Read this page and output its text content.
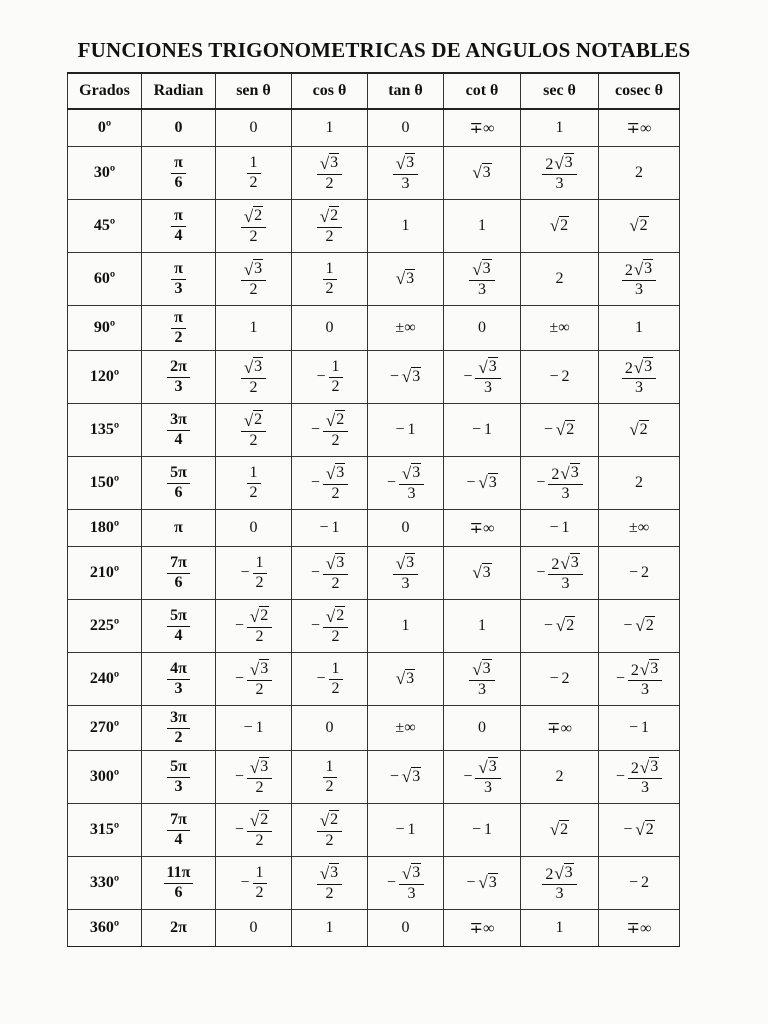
FUNCIONES TRIGONOMETRICAS DE ANGULOS NOTABLES
Grados	Radian	sen θ	cos θ	tan θ	cot θ	sec θ	cosec θ
0º	0	0	1	0	∓∞	1	∓∞

30º	$\frac{\pi}{6}$	$\frac{1}{2}$	$\frac{√ 3}{2}$	$\frac{√ 3}{3}$	√ 3	$\frac{2 √ 3}{3}$	2

45º	$\frac{\pi}{4}$	$\frac{√ 2}{2}$	$\frac{√ 2}{2}$	1	1	√ 2	√ 2

60º	$\frac{\pi}{3}$	$\frac{√ 3}{2}$	$\frac{1}{2}$	√ 3	$\frac{√ 3}{3}$	2	$\frac{2 √ 3}{3}$

90º	$\frac{\pi}{2}$	1	0	±∞	0	±∞	1

120º	$\frac{2\pi}{3}$	$\frac{√ 3}{2}$	− $\frac{1}{2}$	− √ 3	− $\frac{√ 3}{3}$	− 2	$\frac{2 √ 3}{3}$

135º	$\frac{3\pi}{4}$	$\frac{√ 2}{2}$	− $\frac{√ 2}{2}$	− 1	− 1	− √ 2	√ 2

150º	$\frac{5\pi}{6}$	$\frac{1}{2}$	− $\frac{√ 3}{2}$	− $\frac{√ 3}{3}$	− √ 3	− $\frac{2 √ 3}{3}$	2

180º	π	0	− 1	0	∓∞	− 1	±∞

210º	$\frac{7\pi}{6}$	− $\frac{1}{2}$	− $\frac{√ 3}{2}$	$\frac{√ 3}{3}$	√ 3	− $\frac{2 √ 3}{3}$	− 2

225º	$\frac{5\pi}{4}$	− $\frac{√ 2}{2}$	− $\frac{√ 2}{2}$	1	1	− √ 2	− √ 2

240º	$\frac{4\pi}{3}$	− $\frac{√ 3}{2}$	− $\frac{1}{2}$	√ 3	$\frac{√ 3}{3}$	− 2	− $\frac{2 √ 3}{3}$

270º	$\frac{3\pi}{2}$	− 1	0	±∞	0	∓∞	− 1

300º	$\frac{5\pi}{3}$	− $\frac{√ 3}{2}$	$\frac{1}{2}$	− √ 3	− $\frac{√ 3}{3}$	2	− $\frac{2 √ 3}{3}$

315º	$\frac{7\pi}{4}$	− $\frac{√ 2}{2}$	$\frac{√ 2}{2}$	− 1	− 1	√ 2	− √ 2

330º	$\frac{11\pi}{6}$	− $\frac{1}{2}$	$\frac{√ 3}{2}$	− $\frac{√ 3}{3}$	− √ 3	$\frac{2 √ 3}{3}$	− 2

360º	2π	0	1	0	∓∞	1	∓∞
